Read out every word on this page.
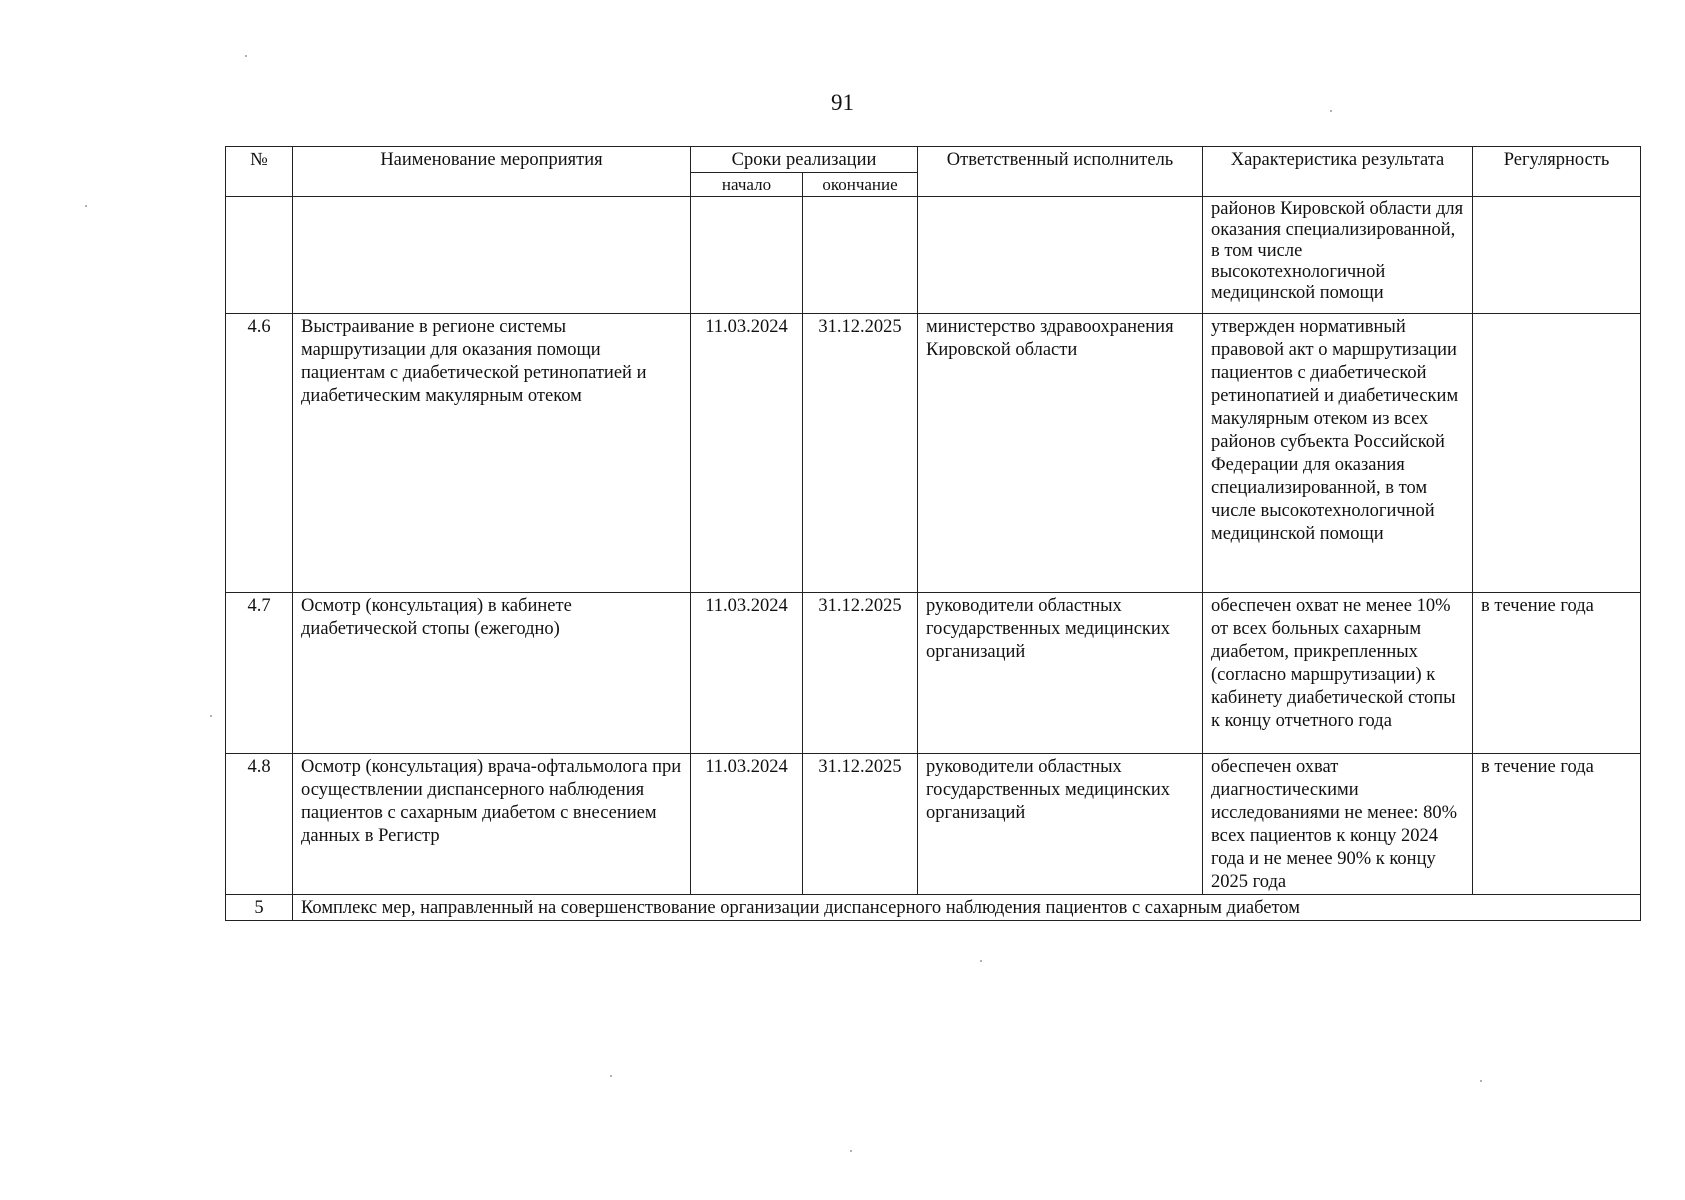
91
№	Наименование мероприятия	Сроки реализации		Ответственный исполнитель	Характеристика результата	Регулярность
		начало	окончание			
					районов Кировской области для оказания специализированной, в том числе высокотехнологичной медицинской помощи	
4.6	Выстраивание в регионе системы маршрутизации для оказания помощи пациентам с диабетической ретинопатией и диабетическим макулярным отеком	11.03.2024	31.12.2025	министерство здравоохранения Кировской области	утвержден нормативный правовой акт о маршрутизации пациентов с диабетической ретинопатией и диабетическим макулярным отеком из всех районов субъекта Российской Федерации для оказания специализированной, в том числе высокотехнологичной медицинской помощи	
4.7	Осмотр (консультация) в кабинете диабетической стопы (ежегодно)	11.03.2024	31.12.2025	руководители областных государственных медицинских организаций	обеспечен охват не менее 10% от всех больных сахарным диабетом, прикрепленных (согласно маршрутизации) к кабинету диабетической стопы к концу отчетного года	в течение года
4.8	Осмотр (консультация) врача-офтальмолога при осуществлении диспансерного наблюдения пациентов с сахарным диабетом с внесением данных в Регистр	11.03.2024	31.12.2025	руководители областных государственных медицинских организаций	обеспечен охват диагностическими исследованиями не менее: 80% всех пациентов к концу 2024 года и не менее 90% к концу 2025 года	в течение года
5	Комплекс мер, направленный на совершенствование организации диспансерного наблюдения пациентов с сахарным диабетом					
